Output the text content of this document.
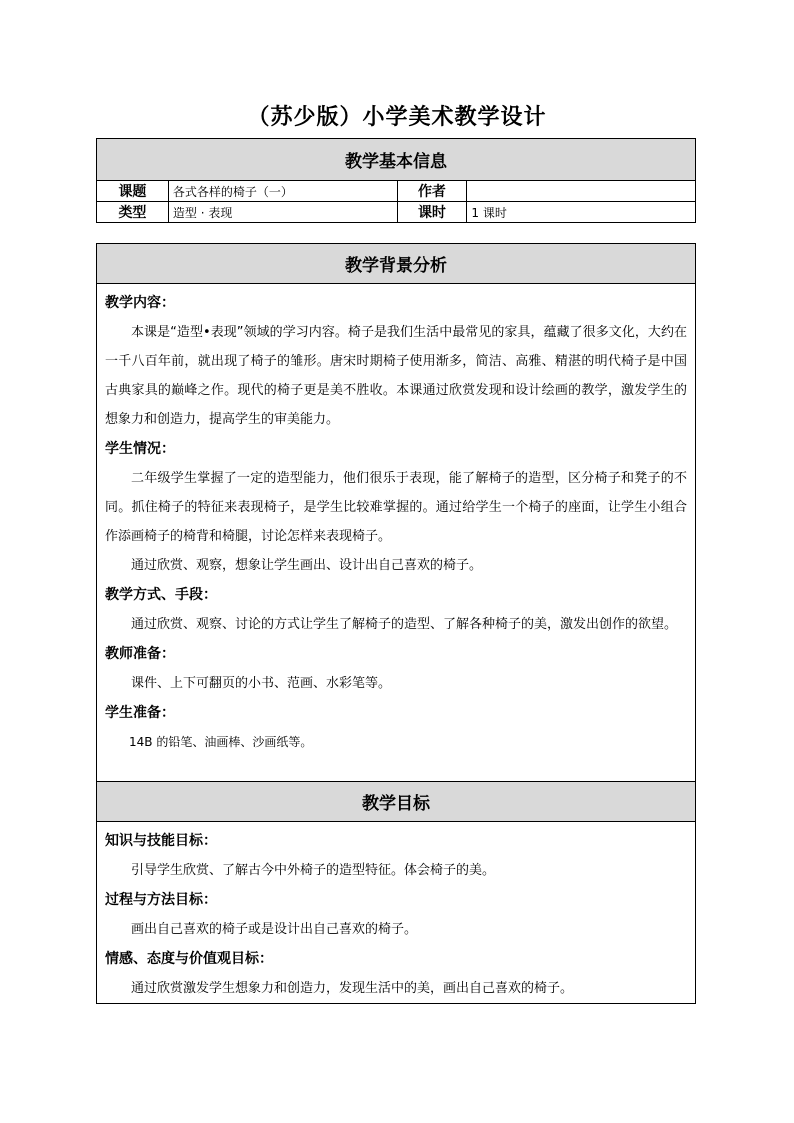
（苏少版）小学美术教学设计
教学基本信息			
课题	各式各样的椅子（一）	作者	
类型	造型 · 表现	课时	1 课时
教学背景分析

教学内容：
本课是“造型•表现”领域的学习内容。椅子是我们生活中最常见的家具，蕴藏了很多文化，大约在一千八百年前，就出现了椅子的雏形。唐宋时期椅子使用渐多，简洁、高雅、精湛的明代椅子是中国古典家具的巅峰之作。现代的椅子更是美不胜收。本课通过欣赏发现和设计绘画的教学，激发学生的想象力和创造力，提高学生的审美能力。
学生情况：
二年级学生掌握了一定的造型能力，他们很乐于表现，能了解椅子的造型，区分椅子和凳子的不同。抓住椅子的特征来表现椅子，是学生比较难掌握的。通过给学生一个椅子的座面，让学生小组合作添画椅子的椅背和椅腿，讨论怎样来表现椅子。
通过欣赏、观察，想象让学生画出、设计出自己喜欢的椅子。
教学方式、手段：
通过欣赏、观察、讨论的方式让学生了解椅子的造型、了解各种椅子的美，激发出创作的欲望。
教师准备：
课件、上下可翻页的小书、范画、水彩笔等。
学生准备：
14B 的铅笔、油画棒、沙画纸等。

教学目标

知识与技能目标：
引导学生欣赏、了解古今中外椅子的造型特征。体会椅子的美。
过程与方法目标：
画出自己喜欢的椅子或是设计出自己喜欢的椅子。
情感、态度与价值观目标：
通过欣赏激发学生想象力和创造力，发现生活中的美，画出自己喜欢的椅子。
